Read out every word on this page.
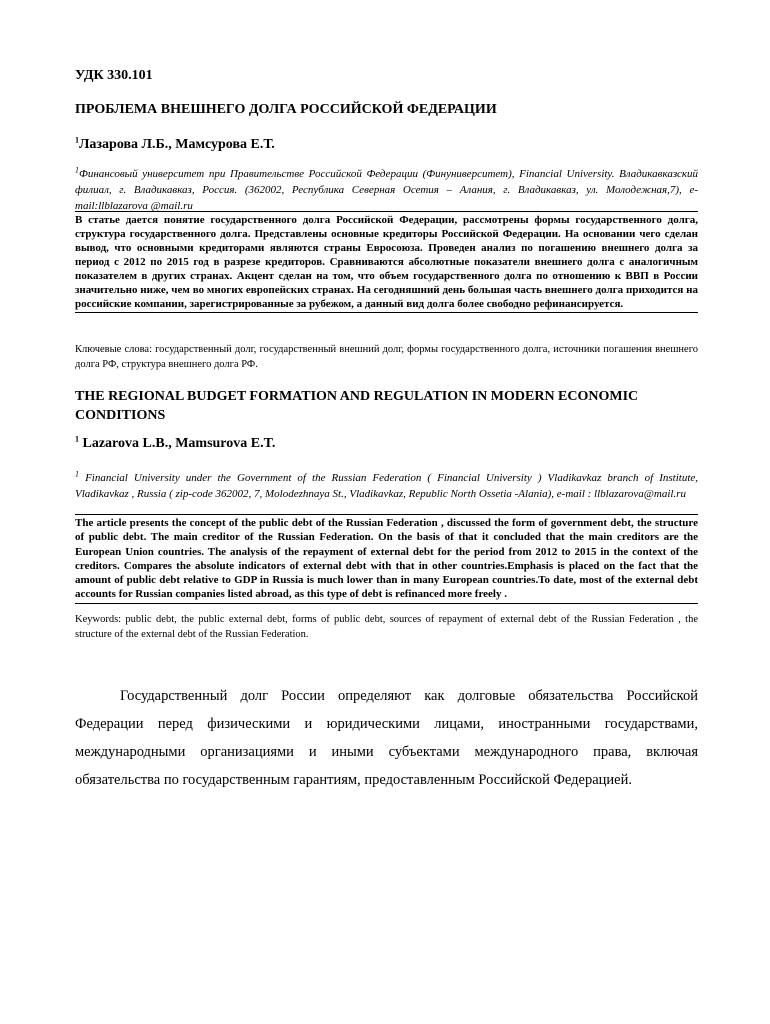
УДК 330.101
ПРОБЛЕМА ВНЕШНЕГО ДОЛГА РОССИЙСКОЙ ФЕДЕРАЦИИ
$^1$Лазарова Л.Б., Мамсурова Е.Т.
$^1$Финансовый университет при Правительстве Российской Федерации (Финуниверситет), Financial University. Владикавказский филиал, г. Владикавказ, Россия. (362002, Республика Северная Осетия – Алания, г. Владикавказ, ул. Молодежная,7), e-mail:llblazarova @mail.ru
В статье дается понятие государственного долга Российской Федерации, рассмотрены формы государственного долга, структура государственного долга. Представлены основные кредиторы Российской Федерации. На основании чего сделан вывод, что основными кредиторами являются страны Евросоюза. Проведен анализ по погашению внешнего долга за период с 2012 по 2015 год в разрезе кредиторов. Сравниваются абсолютные показатели внешнего долга с аналогичным показателем в других странах. Акцент сделан на том, что объем государственного долга по отношению к ВВП в России значительно ниже, чем во многих европейских странах. На сегодняшний день большая часть внешнего долга приходится на российские компании, зарегистрированные за рубежом, а данный вид долга более свободно рефинансируется.
Ключевые слова: государственный долг, государственный внешний долг, формы государственного долга, источники погашения внешнего долга РФ, структура внешнего долга РФ.
THE REGIONAL BUDGET FORMATION AND REGULATION IN MODERN ECONOMIC CONDITIONS
$^1$ Lazarova L.B., Mamsurova E.T.
$^1$ Financial University under the Government of the Russian Federation ( Financial University ) Vladikavkaz branch of Institute, Vladikavkaz , Russia ( zip-code 362002, 7, Molodezhnaya St., Vladikavkaz, Republic North Ossetia -Alania), e-mail : llblazarova@mail.ru
The article presents the concept of the public debt of the Russian Federation , discussed the form of government debt, the structure of public debt. The main creditor of the Russian Federation. On the basis of that it concluded that the main creditors are the European Union countries. The analysis of the repayment of external debt for the period from 2012 to 2015 in the context of the creditors. Compares the absolute indicators of external debt with that in other countries.Emphasis is placed on the fact that the amount of public debt relative to GDP in Russia is much lower than in many European countries.To date, most of the external debt accounts for Russian companies listed abroad, as this type of debt is refinanced more freely .
Keywords: public debt, the public external debt, forms of public debt, sources of repayment of external debt of the Russian Federation , the structure of the external debt of the Russian Federation.
Государственный долг России определяют как долговые обязательства Российской Федерации перед физическими и юридическими лицами, иностранными государствами, международными организациями и иными субъектами международного права, включая обязательства по государственным гарантиям, предоставленным Российской Федерацией.
